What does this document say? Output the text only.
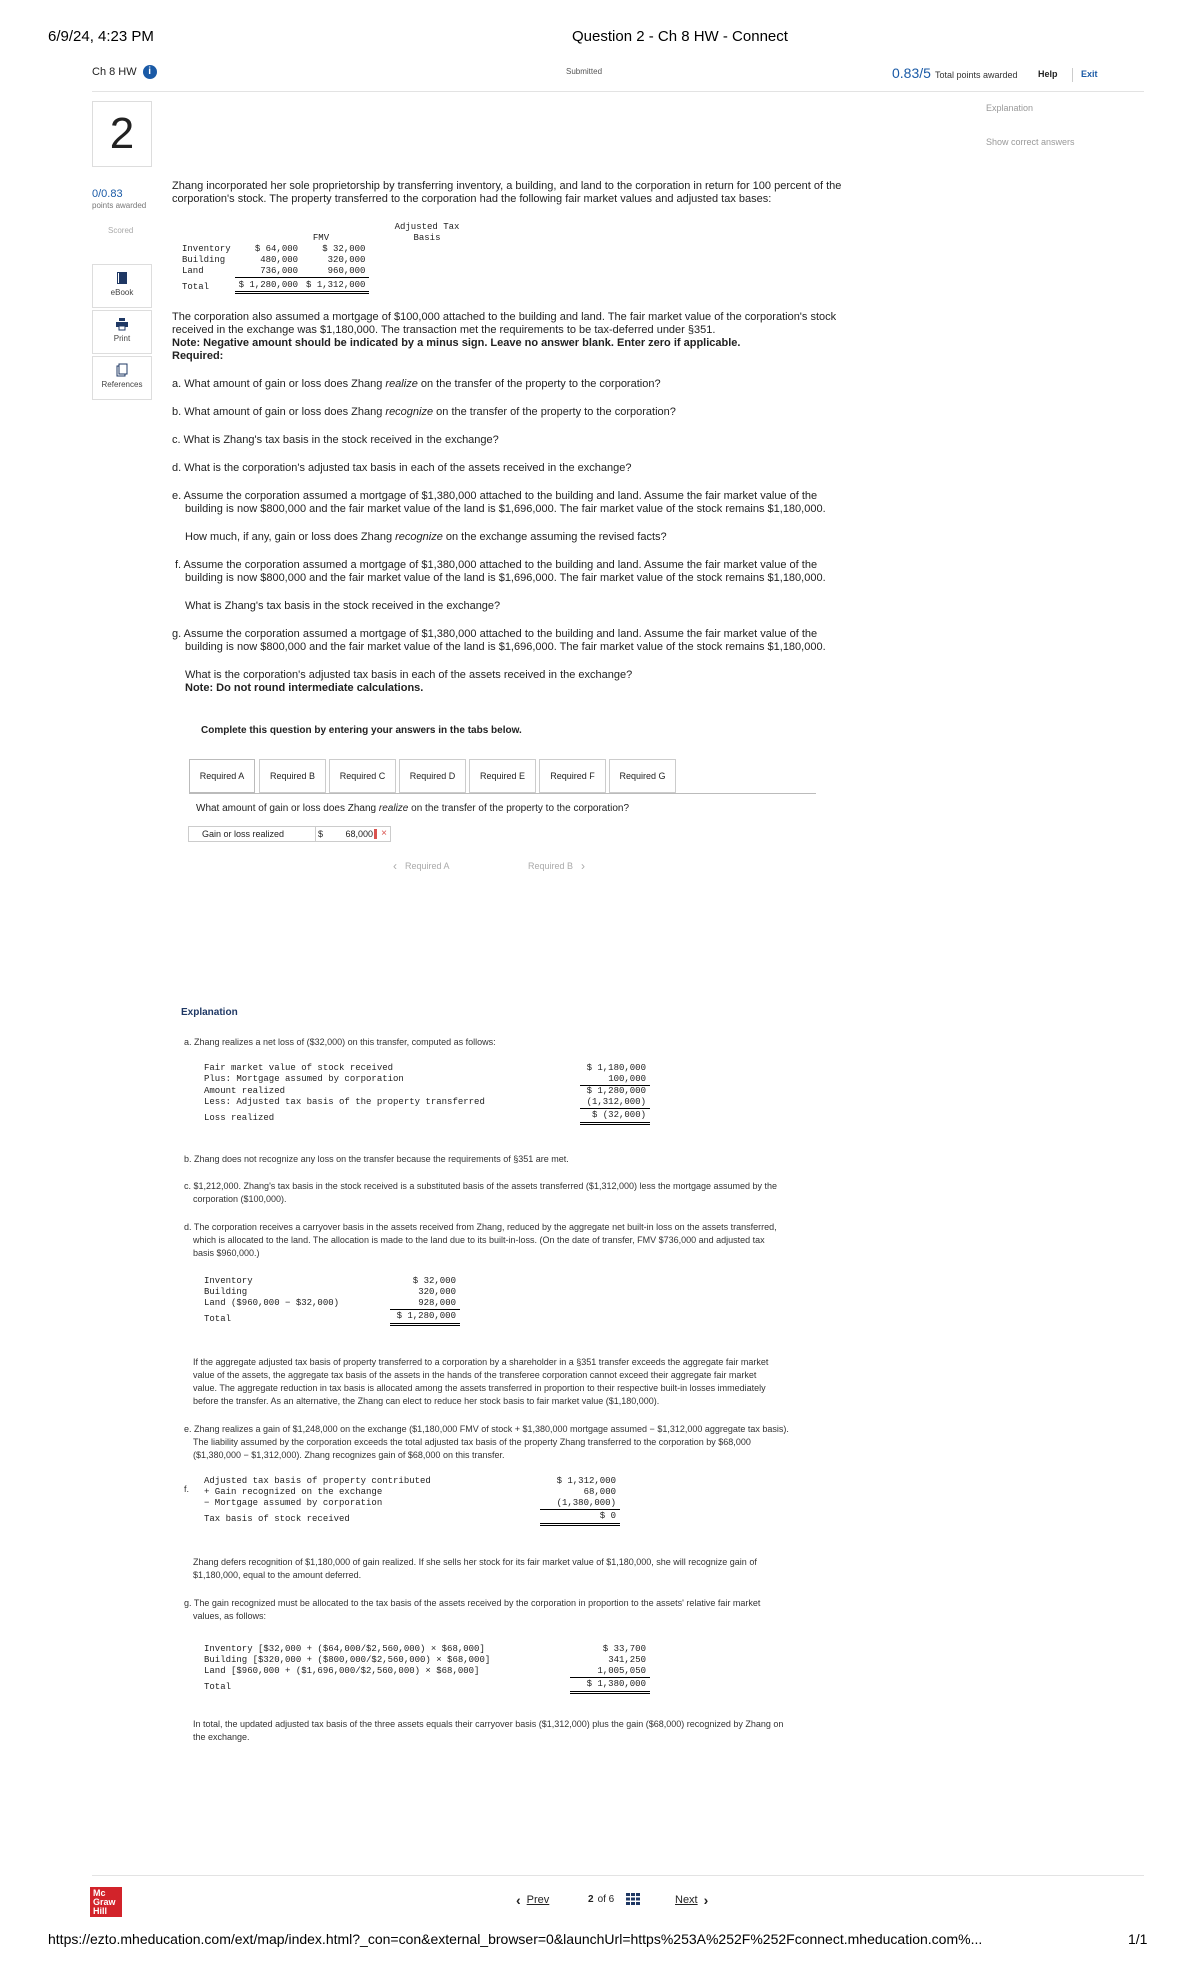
6/9/24, 4:23 PM	Question 2 - Ch 8 HW - Connect
Ch 8 HW	i	Submitted	0.83/5 Total points awarded Help	Exit
Explanation
Show correct answers
2
0/0.83
points awarded
Scored
eBook
Print
References
Zhang incorporated her sole proprietorship by transferring inventory, a building, and land to the corporation in return for 100 percent of the corporation's stock. The property transferred to the corporation had the following fair market values and adjusted tax bases:
Adjusted Tax
FMV	Basis
Inventory	$ 64,000	$ 32,000
Building	480,000	320,000
Land	736,000	960,000
Total	$ 1,280,000	$ 1,312,000
The corporation also assumed a mortgage of $100,000 attached to the building and land. The fair market value of the corporation's stock received in the exchange was $1,180,000. The transaction met the requirements to be tax-deferred under §351.
Note: Negative amount should be indicated by a minus sign. Leave no answer blank. Enter zero if applicable.
Required:
a. What amount of gain or loss does Zhang realize on the transfer of the property to the corporation?
b. What amount of gain or loss does Zhang recognize on the transfer of the property to the corporation?
c. What is Zhang's tax basis in the stock received in the exchange?
d. What is the corporation's adjusted tax basis in each of the assets received in the exchange?
e. Assume the corporation assumed a mortgage of $1,380,000 attached to the building and land. Assume the fair market value of the
building is now $800,000 and the fair market value of the land is $1,696,000. The fair market value of the stock remains $1,180,000.
How much, if any, gain or loss does Zhang recognize on the exchange assuming the revised facts?
f. Assume the corporation assumed a mortgage of $1,380,000 attached to the building and land. Assume the fair market value of the
building is now $800,000 and the fair market value of the land is $1,696,000. The fair market value of the stock remains $1,180,000.
What is Zhang's tax basis in the stock received in the exchange?
g. Assume the corporation assumed a mortgage of $1,380,000 attached to the building and land. Assume the fair market value of the
building is now $800,000 and the fair market value of the land is $1,696,000. The fair market value of the stock remains $1,180,000.
What is the corporation's adjusted tax basis in each of the assets received in the exchange?
Note: Do not round intermediate calculations.
Complete this question by entering your answers in the tabs below.
Required A	Required B	Required C	Required D	Required E	Required F	Required G
What amount of gain or loss does Zhang realize on the transfer of the property to the corporation?
Gain or loss realized	$ 68,000 ×
‹ Required A	Required B ›
Explanation
a. Zhang realizes a net loss of ($32,000) on this transfer, computed as follows:
Fair market value of stock received	$ 1,180,000
Plus: Mortgage assumed by corporation	100,000
Amount realized	$ 1,280,000
Less: Adjusted tax basis of the property transferred	(1,312,000)
Loss realized	$ (32,000)
b. Zhang does not recognize any loss on the transfer because the requirements of §351 are met.
c. $1,212,000. Zhang's tax basis in the stock received is a substituted basis of the assets transferred ($1,312,000) less the mortgage assumed by the
corporation ($100,000).
d. The corporation receives a carryover basis in the assets received from Zhang, reduced by the aggregate net built-in loss on the assets transferred,
which is allocated to the land. The allocation is made to the land due to its built-in-loss. (On the date of transfer, FMV $736,000 and adjusted tax
basis $960,000.)
Inventory	$ 32,000
Building	320,000
Land ($960,000 − $32,000)	928,000
Total	$ 1,280,000
If the aggregate adjusted tax basis of property transferred to a corporation by a shareholder in a §351 transfer exceeds the aggregate fair market
value of the assets, the aggregate tax basis of the assets in the hands of the transferee corporation cannot exceed their aggregate fair market
value. The aggregate reduction in tax basis is allocated among the assets transferred in proportion to their respective built-in losses immediately
before the transfer. As an alternative, the Zhang can elect to reduce her stock basis to fair market value ($1,180,000).
e. Zhang realizes a gain of $1,248,000 on the exchange ($1,180,000 FMV of stock + $1,380,000 mortgage assumed − $1,312,000 aggregate tax basis).
The liability assumed by the corporation exceeds the total adjusted tax basis of the property Zhang transferred to the corporation by $68,000
($1,380,000 − $1,312,000). Zhang recognizes gain of $68,000 on this transfer.
f.
Adjusted tax basis of property contributed	$ 1,312,000
+ Gain recognized on the exchange	68,000
− Mortgage assumed by corporation	(1,380,000)
Tax basis of stock received	$ 0
Zhang defers recognition of $1,180,000 of gain realized. If she sells her stock for its fair market value of $1,180,000, she will recognize gain of
$1,180,000, equal to the amount deferred.
g. The gain recognized must be allocated to the tax basis of the assets received by the corporation in proportion to the assets' relative fair market
values, as follows:
Inventory [$32,000 + ($64,000/$2,560,000) × $68,000]	$ 33,700
Building [$320,000 + ($800,000/$2,560,000) × $68,000]	341,250
Land [$960,000 + ($1,696,000/$2,560,000) × $68,000]	1,005,050
Total	$ 1,380,000
In total, the updated adjusted tax basis of the three assets equals their carryover basis ($1,312,000) plus the gain ($68,000) recognized by Zhang on
the exchange.
Mc
Graw
Hill
‹ Prev	2 of 6	Next ›
https://ezto.mheducation.com/ext/map/index.html?_con=con&external_browser=0&launchUrl=https%253A%252F%252Fconnect.mheducation.com%...	1/1
